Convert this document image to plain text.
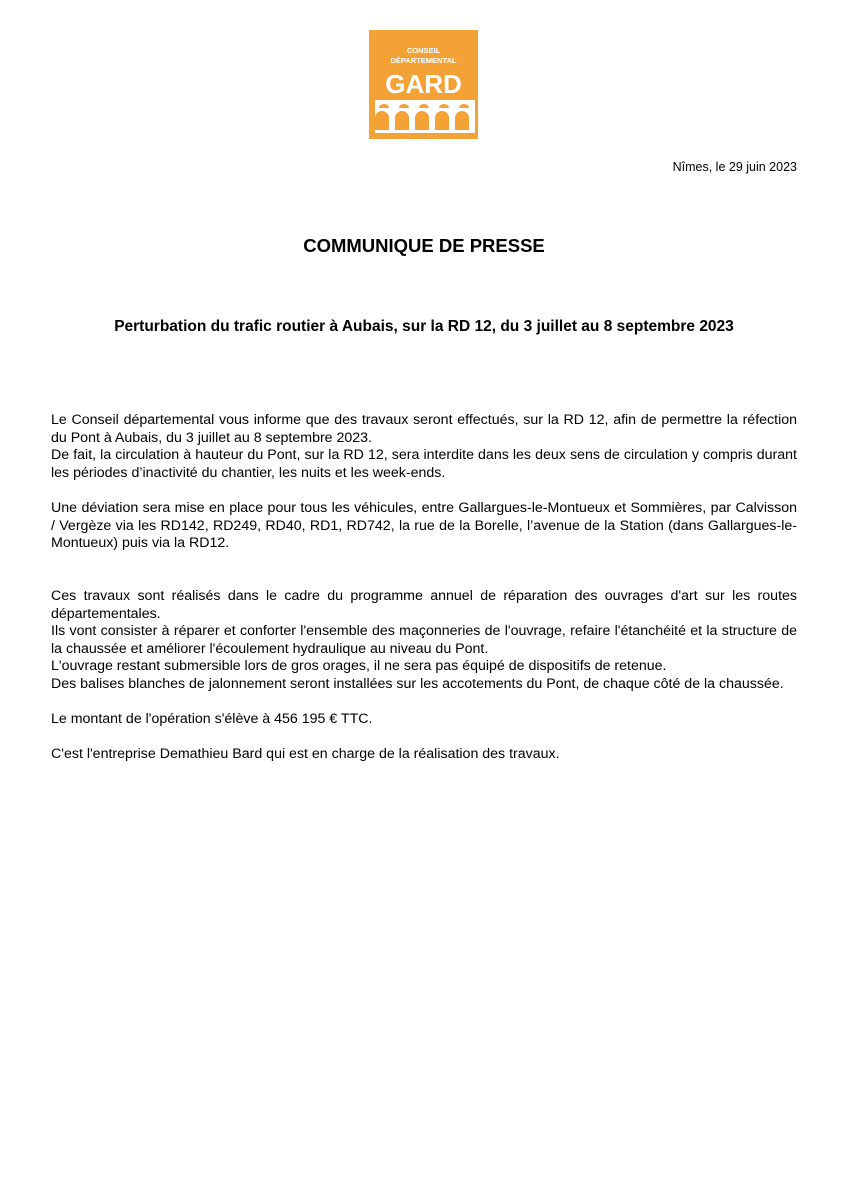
CONSEIL
DÉPARTEMENTAL
GARD
Nîmes, le 29 juin 2023
COMMUNIQUE DE PRESSE
Perturbation du trafic routier à Aubais, sur la RD 12, du 3 juillet au 8 septembre 2023

Le Conseil départemental vous informe que des travaux seront effectués, sur la RD 12, afin de permettre la réfection du Pont à Aubais, du 3 juillet au 8 septembre 2023.

De fait, la circulation à hauteur du Pont, sur la RD 12, sera interdite dans les deux sens de circulation y compris durant les périodes d’inactivité du chantier, les nuits et les week-ends.

Une déviation sera mise en place pour tous les véhicules, entre Gallargues-le-Montueux et Sommières, par Calvisson / Vergèze via les RD142, RD249, RD40, RD1, RD742, la rue de la Borelle, l’avenue de la Station (dans Gallargues-le-Montueux) puis via la RD12.

Ces travaux sont réalisés dans le cadre du programme annuel de réparation des ouvrages d'art sur les routes départementales.

Ils vont consister à réparer et conforter l'ensemble des maçonneries de l'ouvrage, refaire l'étanchéité et la structure de la chaussée et améliorer l'écoulement hydraulique au niveau du Pont.

L'ouvrage restant submersible lors de gros orages, il ne sera pas équipé de dispositifs de retenue.

Des balises blanches de jalonnement seront installées sur les accotements du Pont, de chaque côté de la chaussée.

Le montant de l'opération s'élève à 456 195 € TTC.

C'est l'entreprise Demathieu Bard qui est en charge de la réalisation des travaux.
